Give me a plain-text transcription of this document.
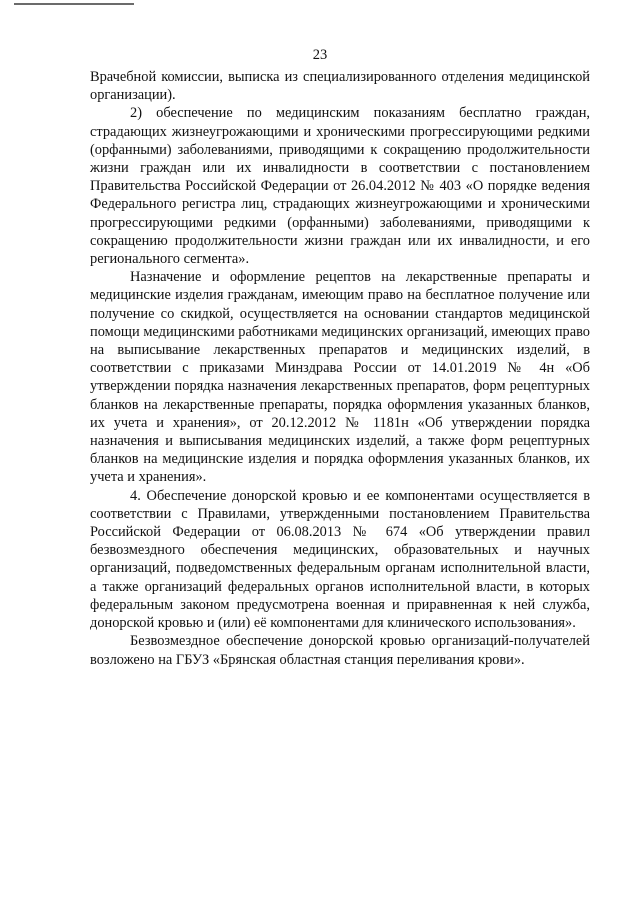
23

Врачебной комиссии, выписка из специализированного отделения медицинской организации).

2) обеспечение по медицинским показаниям бесплатно граждан, страдающих жизнеугрожающими и хроническими прогрессирующими редкими (орфанными) заболеваниями, приводящими к сокращению продолжительности жизни граждан или их инвалидности в соответствии с постановлением Правительства Российской Федерации от 26.04.2012 № 403 «О порядке ведения Федерального регистра лиц, страдающих жизнеугрожающими и хроническими прогрессирующими редкими (орфанными) заболеваниями, приводящими к сокращению продолжительности жизни граждан или их инвалидности, и его регионального сегмента».

Назначение и оформление рецептов на лекарственные препараты и медицинские изделия гражданам, имеющим право на бесплатное получение или получение со скидкой, осуществляется на основании стандартов медицинской помощи медицинскими работниками медицинских организаций, имеющих право на выписывание лекарственных препаратов и медицинских изделий, в соответствии с приказами Минздрава России от 14.01.2019 № 4н «Об утверждении порядка назначения лекарственных препаратов, форм рецептурных бланков на лекарственные препараты, порядка оформления указанных бланков, их учета и хранения», от 20.12.2012 № 1181н «Об утверждении порядка назначения и выписывания медицинских изделий, а также форм рецептурных бланков на медицинские изделия и порядка оформления указанных бланков, их учета и хранения».

4. Обеспечение донорской кровью и ее компонентами осуществляется в соответствии с Правилами, утвержденными постановлением Правительства Российской Федерации от 06.08.2013 № 674 «Об утверждении правил безвозмездного обеспечения медицинских, образовательных и научных организаций, подведомственных федеральным органам исполнительной власти, а также организаций федеральных органов исполнительной власти, в которых федеральным законом предусмотрена военная и приравненная к ней служба, донорской кровью и (или) её компонентами для клинического использования».

Безвозмездное обеспечение донорской кровью организаций-получателей возложено на ГБУЗ «Брянская областная станция переливания крови».
